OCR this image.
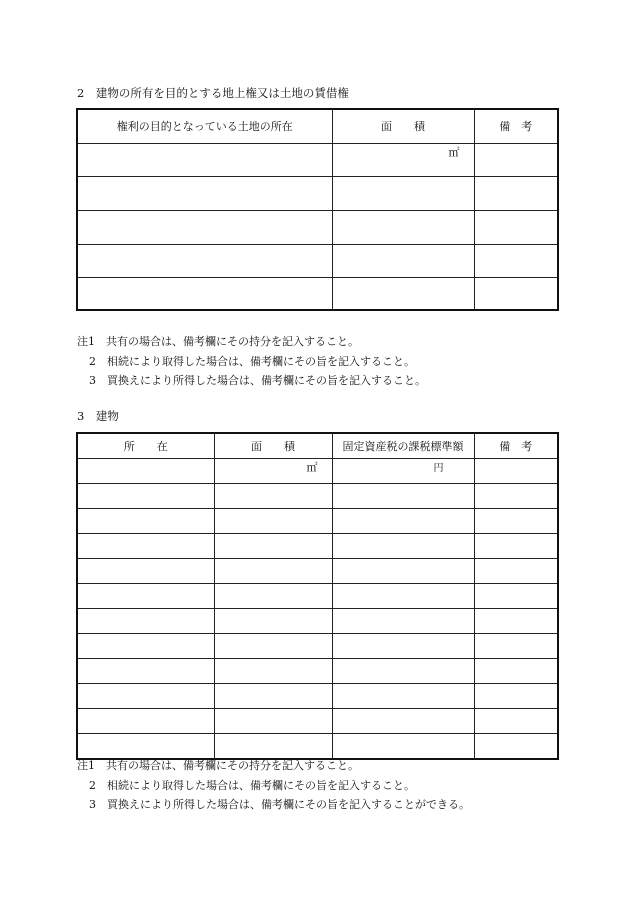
2　建物の所有を目的とする地上権又は土地の賃借権
権利の目的となっている土地の所在	面　　積	備　考
	㎡	

注1　共有の場合は、備考欄にその持分を記入すること。
2　相続により取得した場合は、備考欄にその旨を記入すること。
3　買換えにより所得した場合は、備考欄にその旨を記入すること。
3　建物
所　　在	面　　積	固定資産税の課税標準額	備　考
	㎡	円	

注1　共有の場合は、備考欄にその持分を記入すること。
2　相続により取得した場合は、備考欄にその旨を記入すること。
3　買換えにより所得した場合は、備考欄にその旨を記入することができる。
